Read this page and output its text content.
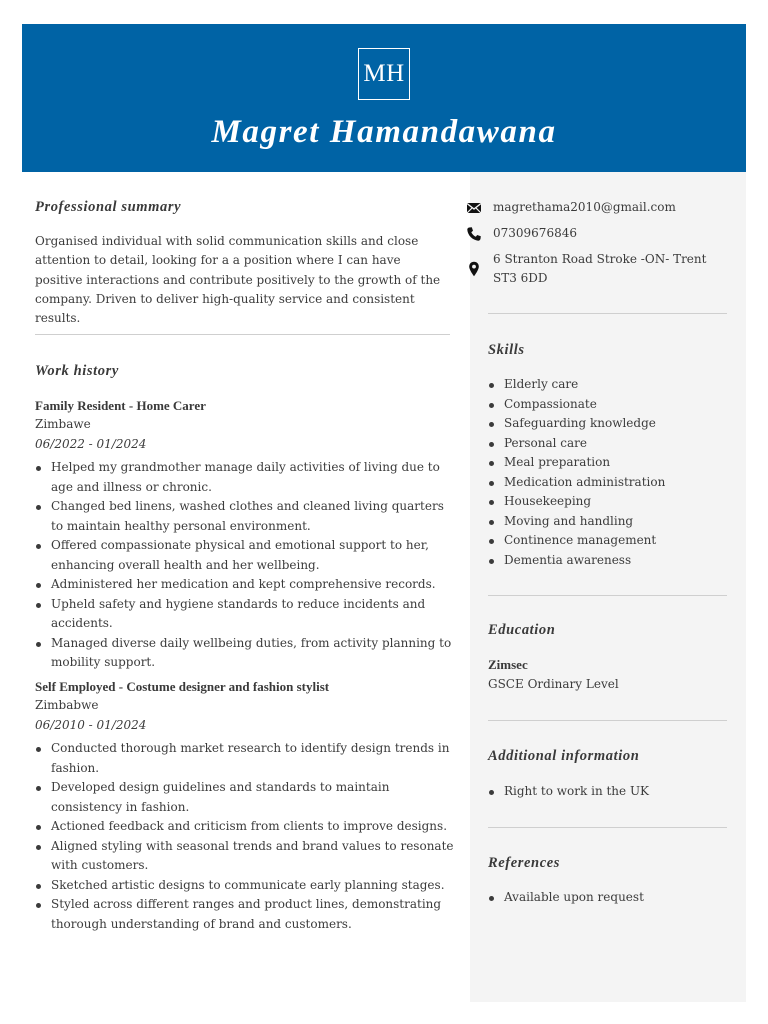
MH
Magret Hamandawana
Professional summary
Organised individual with solid communication skills and close attention to detail, looking for a a position where I can have positive interactions and contribute positively to the growth of the company. Driven to deliver high-quality service and consistent results.
Work history
Family Resident - Home Carer
Zimbawe
06/2022 - 01/2024
Helped my grandmother manage daily activities of living due to age and illness or chronic.
Changed bed linens, washed clothes and cleaned living quarters to maintain healthy personal environment.
Offered compassionate physical and emotional support to her, enhancing overall health and her wellbeing.
Administered her medication and kept comprehensive records.
Upheld safety and hygiene standards to reduce incidents and accidents.
Managed diverse daily wellbeing duties, from activity planning to mobility support.
Self Employed - Costume designer and fashion stylist
Zimbabwe
06/2010 - 01/2024
Conducted thorough market research to identify design trends in fashion.
Developed design guidelines and standards to maintain consistency in fashion.
Actioned feedback and criticism from clients to improve designs.
Aligned styling with seasonal trends and brand values to resonate with customers.
Sketched artistic designs to communicate early planning stages.
Styled across different ranges and product lines, demonstrating thorough understanding of brand and customers.
magrethama2010@gmail.com
07309676846
6 Stranton Road Stroke -ON- Trent ST3 6DD
Skills
Elderly care
Compassionate
Safeguarding knowledge
Personal care
Meal preparation
Medication administration
Housekeeping
Moving and handling
Continence management
Dementia awareness
Education
Zimsec
GSCE Ordinary Level
Additional information
Right to work in the UK
References
Available upon request
